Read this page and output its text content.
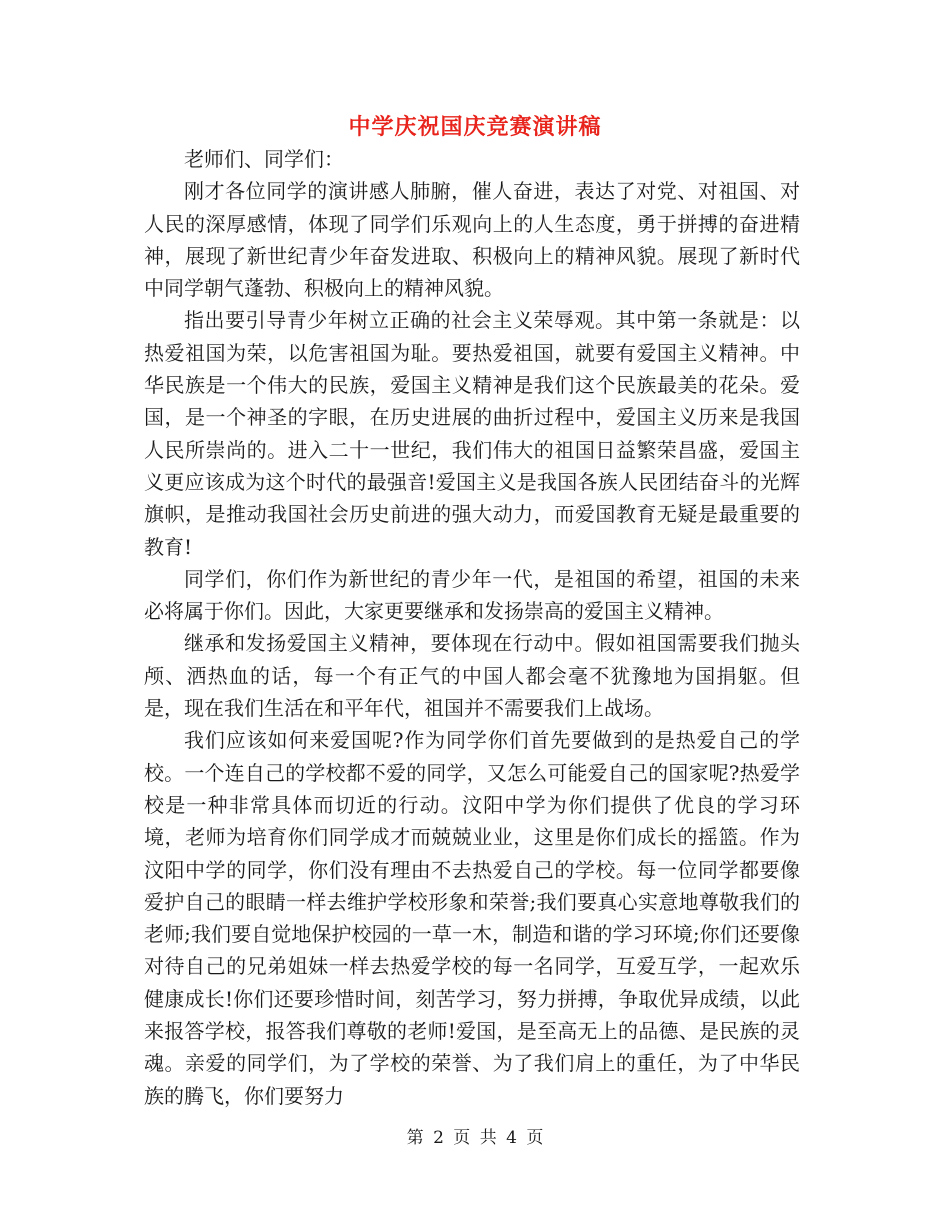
中学庆祝国庆竞赛演讲稿

老师们、同学们：

刚才各位同学的演讲感人肺腑，催人奋进，表达了对党、对祖国、对人民的深厚感情，体现了同学们乐观向上的人生态度，勇于拼搏的奋进精神，展现了新世纪青少年奋发进取、积极向上的精神风貌。展现了新时代中同学朝气蓬勃、积极向上的精神风貌。

指出要引导青少年树立正确的社会主义荣辱观。其中第一条就是：以热爱祖国为荣，以危害祖国为耻。要热爱祖国，就要有爱国主义精神。中华民族是一个伟大的民族，爱国主义精神是我们这个民族最美的花朵。爱国，是一个神圣的字眼，在历史进展的曲折过程中，爱国主义历来是我国人民所崇尚的。进入二十一世纪，我们伟大的祖国日益繁荣昌盛，爱国主义更应该成为这个时代的最强音!爱国主义是我国各族人民团结奋斗的光辉旗帜，是推动我国社会历史前进的强大动力，而爱国教育无疑是最重要的教育!

同学们，你们作为新世纪的青少年一代，是祖国的希望，祖国的未来必将属于你们。因此，大家更要继承和发扬崇高的爱国主义精神。

继承和发扬爱国主义精神，要体现在行动中。假如祖国需要我们抛头颅、洒热血的话，每一个有正气的中国人都会毫不犹豫地为国捐躯。但是，现在我们生活在和平年代，祖国并不需要我们上战场。

我们应该如何来爱国呢?作为同学你们首先要做到的是热爱自己的学校。一个连自己的学校都不爱的同学，又怎么可能爱自己的国家呢?热爱学校是一种非常具体而切近的行动。汶阳中学为你们提供了优良的学习环境，老师为培育你们同学成才而兢兢业业，这里是你们成长的摇篮。作为汶阳中学的同学，你们没有理由不去热爱自己的学校。每一位同学都要像爱护自己的眼睛一样去维护学校形象和荣誉;我们要真心实意地尊敬我们的老师;我们要自觉地保护校园的一草一木，制造和谐的学习环境;你们还要像对待自己的兄弟姐妹一样去热爱学校的每一名同学，互爱互学，一起欢乐健康成长!你们还要珍惜时间，刻苦学习，努力拼搏，争取优异成绩，以此来报答学校，报答我们尊敬的老师!爱国，是至高无上的品德、是民族的灵魂。亲爱的同学们，为了学校的荣誉、为了我们肩上的重任，为了中华民族的腾飞，你们要努力

第 2 页 共 4 页
